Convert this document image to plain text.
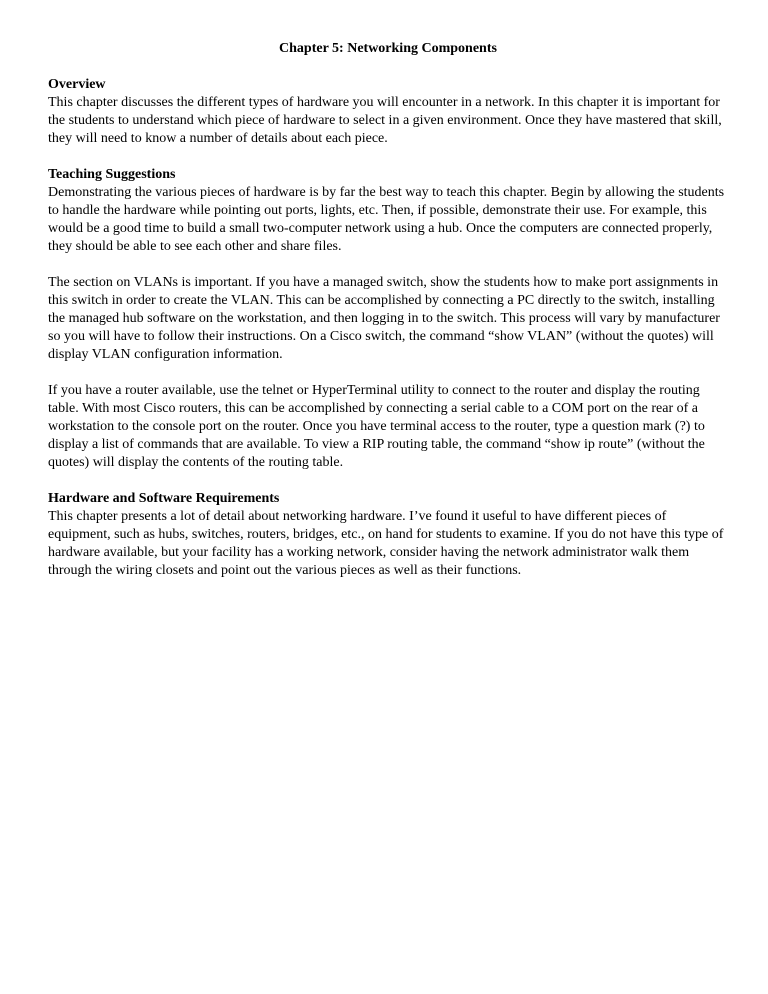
Chapter 5: Networking Components
Overview

This chapter discusses the different types of hardware you will encounter in a network. In this chapter it is important for the students to understand which piece of hardware to select in a given environment. Once they have mastered that skill, they will need to know a number of details about each piece.

Teaching Suggestions

Demonstrating the various pieces of hardware is by far the best way to teach this chapter. Begin by allowing the students to handle the hardware while pointing out ports, lights, etc. Then, if possible, demonstrate their use. For example, this would be a good time to build a small two-computer network using a hub. Once the computers are connected properly, they should be able to see each other and share files.

The section on VLANs is important. If you have a managed switch, show the students how to make port assignments in this switch in order to create the VLAN. This can be accomplished by connecting a PC directly to the switch, installing the managed hub software on the workstation, and then logging in to the switch. This process will vary by manufacturer so you will have to follow their instructions. On a Cisco switch, the command “show VLAN” (without the quotes) will display VLAN configuration information.

If you have a router available, use the telnet or HyperTerminal utility to connect to the router and display the routing table. With most Cisco routers, this can be accomplished by connecting a serial cable to a COM port on the rear of a workstation to the console port on the router. Once you have terminal access to the router, type a question mark (?) to display a list of commands that are available. To view a RIP routing table, the command “show ip route” (without the quotes) will display the contents of the routing table.

Hardware and Software Requirements

This chapter presents a lot of detail about networking hardware. I’ve found it useful to have different pieces of equipment, such as hubs, switches, routers, bridges, etc., on hand for students to examine. If you do not have this type of hardware available, but your facility has a working network, consider having the network administrator walk them through the wiring closets and point out the various pieces as well as their functions.
